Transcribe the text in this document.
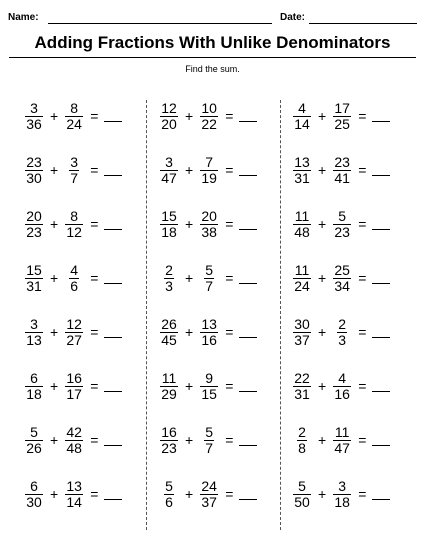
Name:	Date:
Adding Fractions With Unlike Denominators
Find the sum.
$\frac{3}{36} + \frac{8}{24}$ =
$\frac{23}{30} + \frac{3}{7}$ =
$\frac{20}{23} + \frac{8}{12}$ =
$\frac{15}{31} + \frac{4}{6}$ =
$\frac{3}{13} + \frac{12}{27}$ =
$\frac{6}{18} + \frac{16}{17}$ =
$\frac{5}{26} + \frac{42}{48}$ =
$\frac{6}{30} + \frac{13}{14}$ =
$\frac{12}{20} + \frac{10}{22}$ =
$\frac{3}{47} + \frac{7}{19}$ =
$\frac{15}{18} + \frac{20}{38}$ =
$\frac{2}{3} + \frac{5}{7}$ =
$\frac{26}{45} + \frac{13}{16}$ =
$\frac{11}{29} + \frac{9}{15}$ =
$\frac{16}{23} + \frac{5}{7}$ =
$\frac{5}{6} + \frac{24}{37}$ =
$\frac{4}{14} + \frac{17}{25}$ =
$\frac{13}{31} + \frac{23}{41}$ =
$\frac{11}{48} + \frac{5}{23}$ =
$\frac{11}{24} + \frac{25}{34}$ =
$\frac{30}{37} + \frac{2}{3}$ =
$\frac{22}{31} + \frac{4}{16}$ =
$\frac{2}{8} + \frac{11}{47}$ =
$\frac{5}{50} + \frac{3}{18}$ =
